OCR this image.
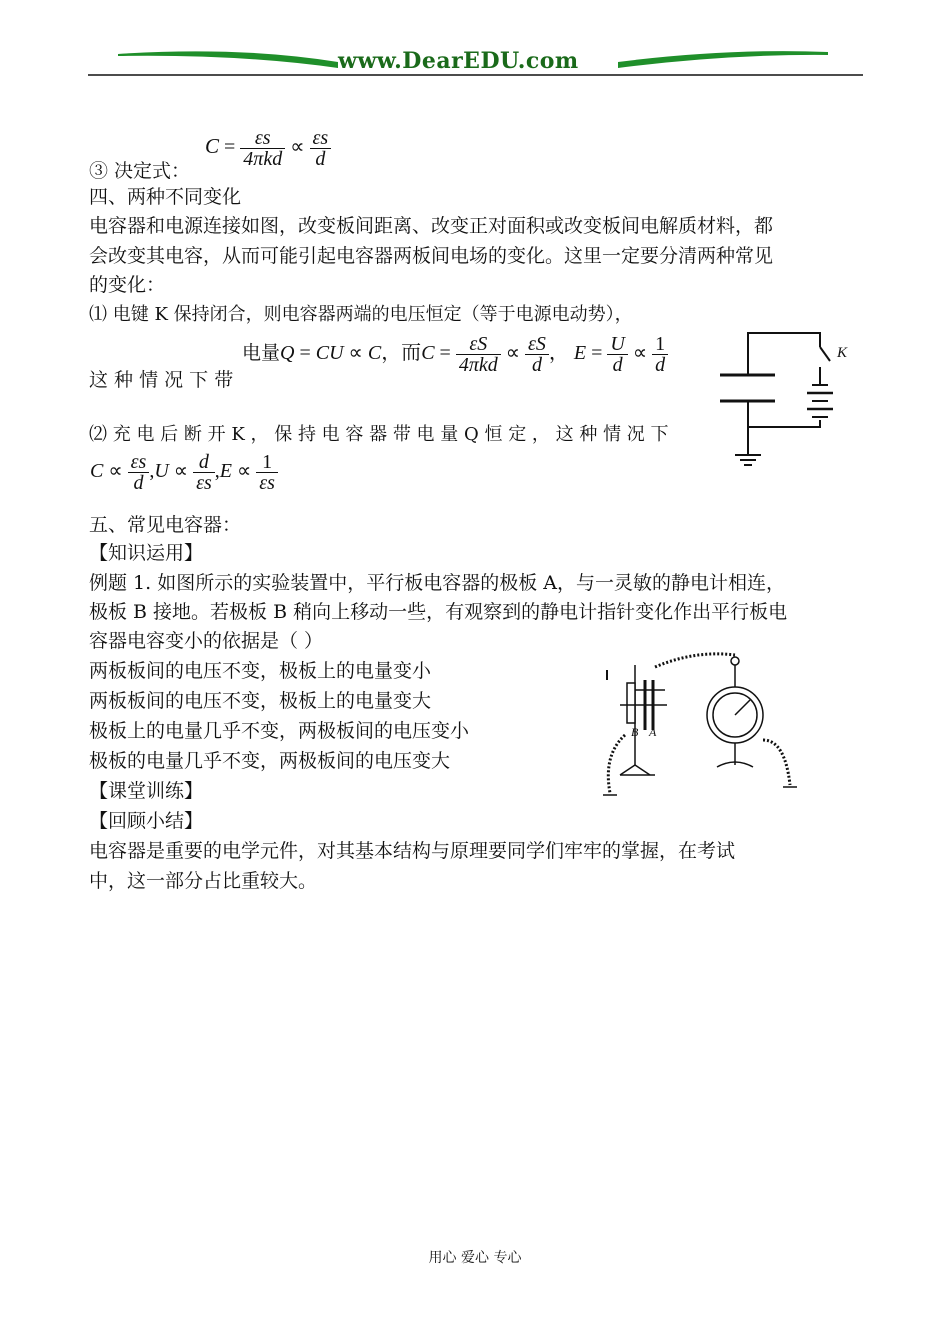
www.DearEDU.com
$C = \frac{\varepsilon s}{\text{4πkd}} \propto \frac{\varepsilon s}{d}$
③ 决定式：
四、两种不同变化
电容器和电源连接如图，改变板间距离、改变正对面积或改变板间电解质材料，都
会改变其电容，从而可能引起电容器两板间电场的变化。这里一定要分清两种常见
的变化：
⑴ 电键 K 保持闭合，则电容器两端的电压恒定（等于电源电动势），
这 种 情 况 下 带
电量Q = CU ∝ C，而$C = \frac{\varepsilon S}{\text{4πkd}} \propto \frac{\varepsilon S}{d}$ ， $E = \frac{U}{d} \propto \frac{1}{d}$	K
⑵ 充 电 后 断 开 K ， 保 持 电 容 器 带 电 量 Q 恒 定 ， 这 种 情 况 下
$C \propto \frac{\varepsilon s}{d} ,U \propto \frac{d}{\varepsilon s} ,E \propto \frac{1}{\varepsilon s}$
五、常见电容器：
【知识运用】
例题 1. 如图所示的实验装置中，平行板电容器的极板 A，与一灵敏的静电计相连，
极板 B 接地。若极板 B 稍向上移动一些，有观察到的静电计指针变化作出平行板电
容器电容变小的依据是（ ）
两板板间的电压不变，极板上的电量变小
两板板间的电压不变，极板上的电量变大
极板上的电量几乎不变，两极板间的电压变小
极板的电量几乎不变，两极板间的电压变大
B A
【课堂训练】
【回顾小结】
电容器是重要的电学元件，对其基本结构与原理要同学们牢牢的掌握，在考试
中，这一部分占比重较大。
用心 爱心 专心
